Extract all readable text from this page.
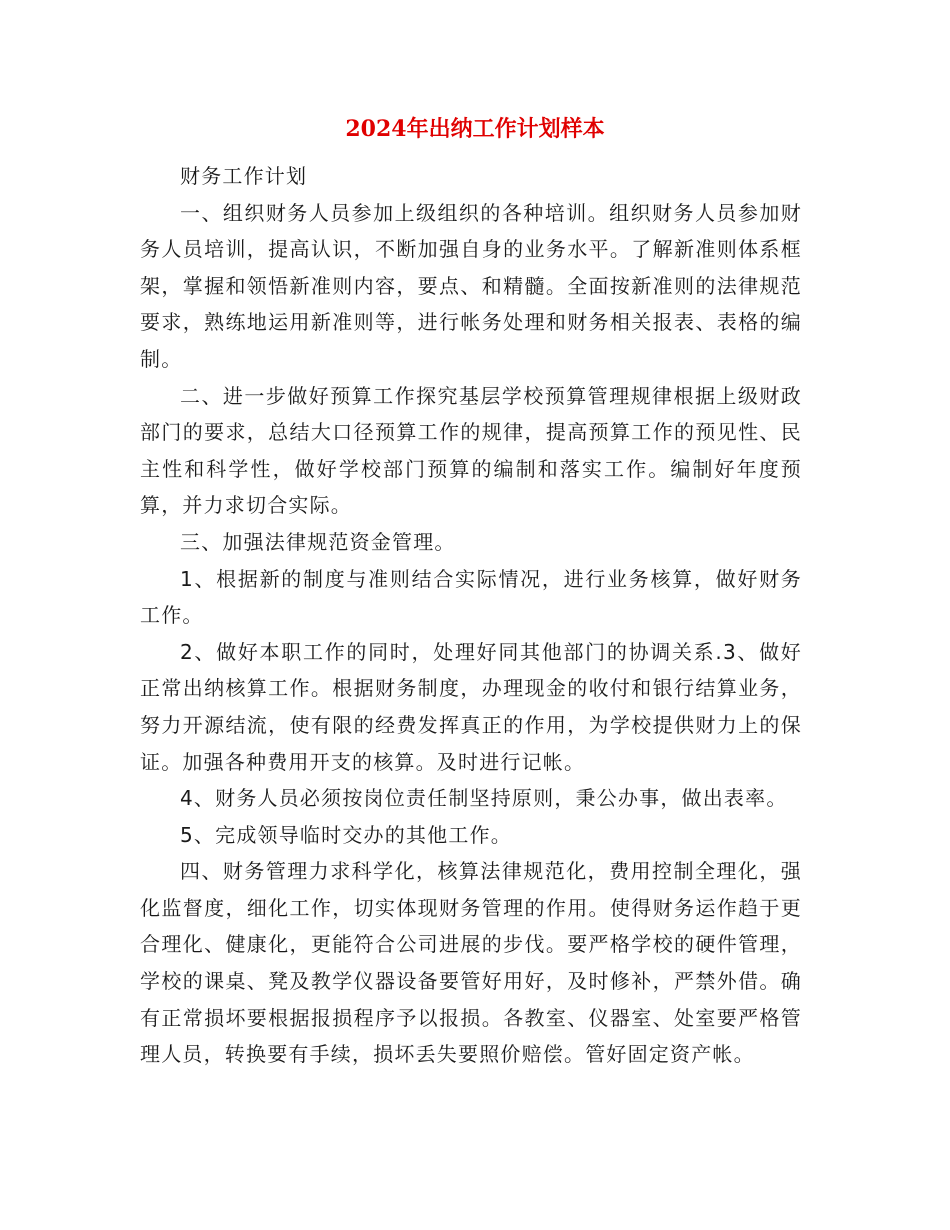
2024年出纳工作计划样本

财务工作计划

一、组织财务人员参加上级组织的各种培训。组织财务人员参加财务人员培训，提高认识，不断加强自身的业务水平。了解新准则体系框架，掌握和领悟新准则内容，要点、和精髓。全面按新准则的法律规范要求，熟练地运用新准则等，进行帐务处理和财务相关报表、表格的编制。

二、进一步做好预算工作探究基层学校预算管理规律根据上级财政部门的要求，总结大口径预算工作的规律，提高预算工作的预见性、民主性和科学性，做好学校部门预算的编制和落实工作。编制好年度预算，并力求切合实际。

三、加强法律规范资金管理。

1、根据新的制度与准则结合实际情况，进行业务核算，做好财务工作。

2、做好本职工作的同时，处理好同其他部门的协调关系.3、做好正常出纳核算工作。根据财务制度，办理现金的收付和银行结算业务，努力开源结流，使有限的经费发挥真正的作用，为学校提供财力上的保证。加强各种费用开支的核算。及时进行记帐。

4、财务人员必须按岗位责任制坚持原则，秉公办事，做出表率。

5、完成领导临时交办的其他工作。

四、财务管理力求科学化，核算法律规范化，费用控制全理化，强化监督度，细化工作，切实体现财务管理的作用。使得财务运作趋于更合理化、健康化，更能符合公司进展的步伐。要严格学校的硬件管理，学校的课桌、凳及教学仪器设备要管好用好，及时修补，严禁外借。确有正常损坏要根据报损程序予以报损。各教室、仪器室、处室要严格管理人员，转换要有手续，损坏丢失要照价赔偿。管好固定资产帐。
